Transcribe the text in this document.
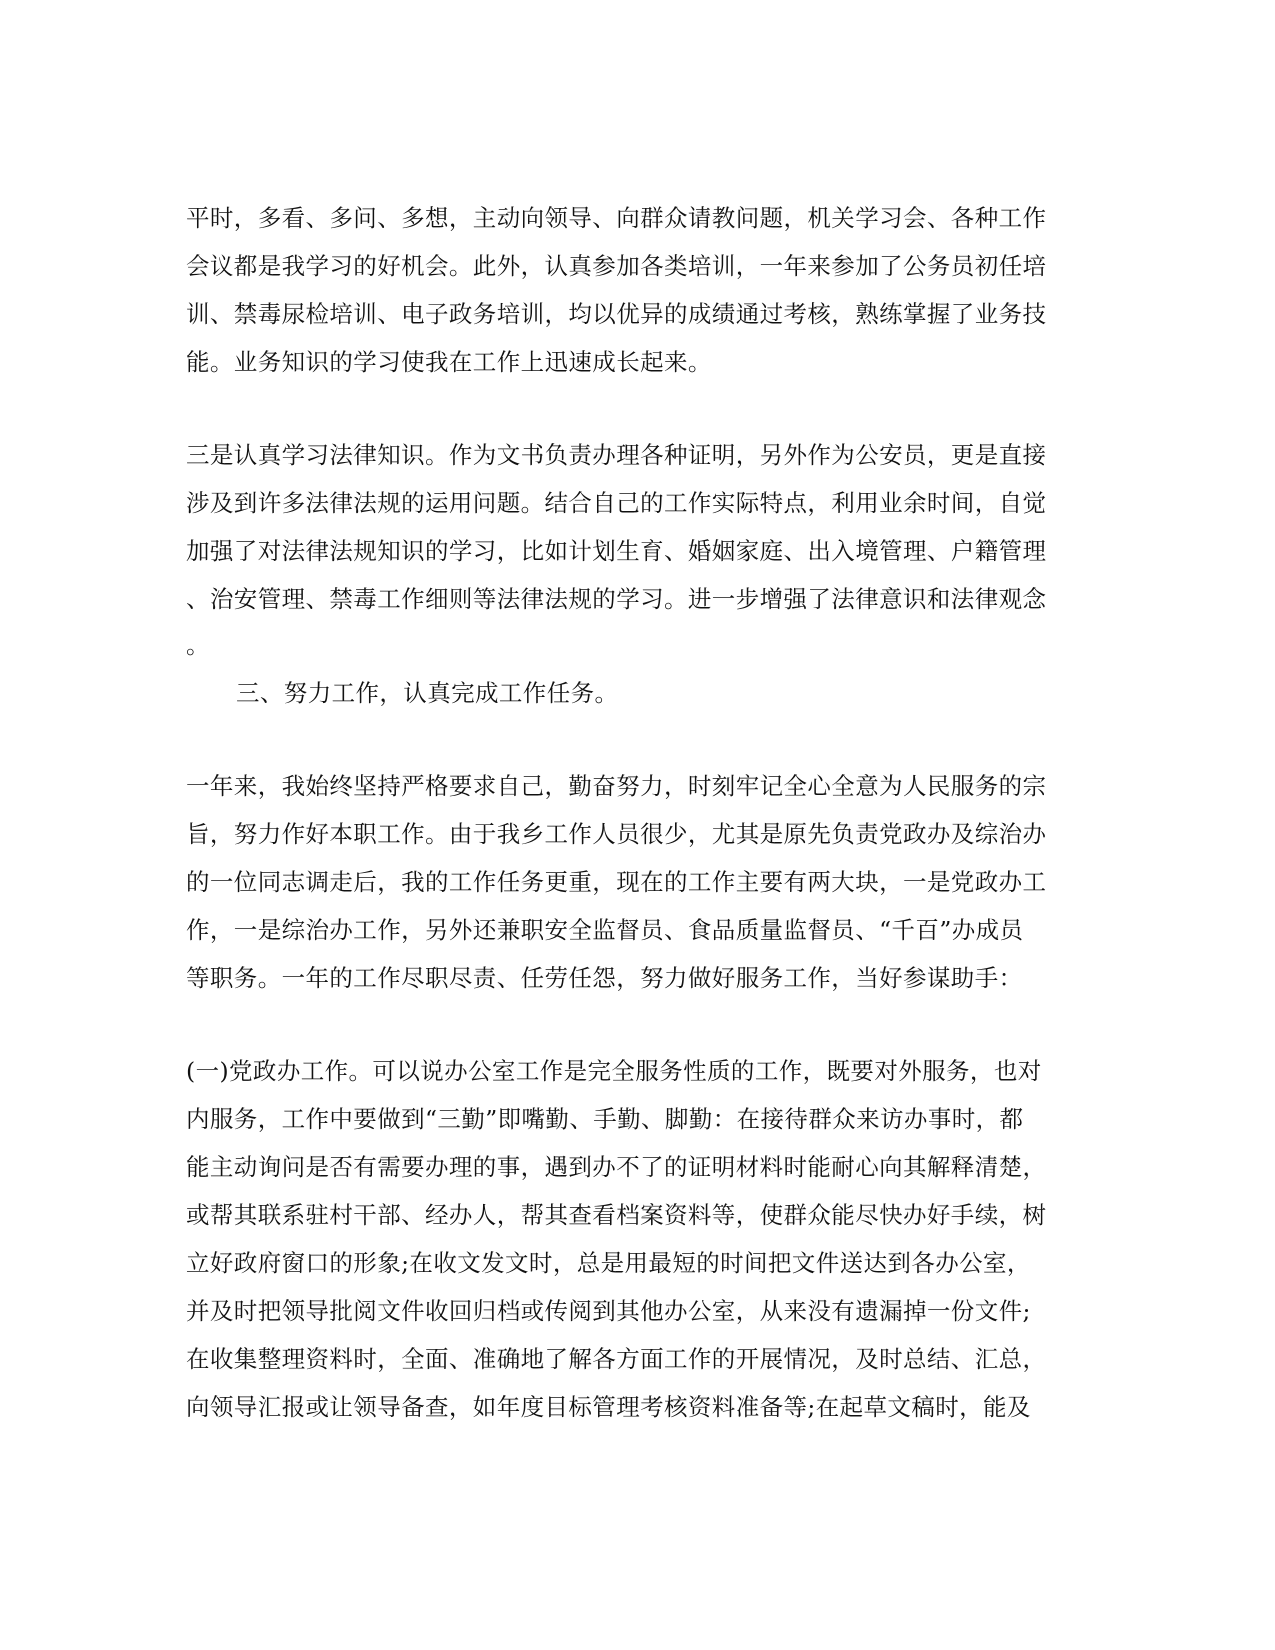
平时，多看、多问、多想，主动向领导、向群众请教问题，机关学习会、各种工作
会议都是我学习的好机会。此外，认真参加各类培训，一年来参加了公务员初任培
训、禁毒尿检培训、电子政务培训，均以优异的成绩通过考核，熟练掌握了业务技
能。业务知识的学习使我在工作上迅速成长起来。
三是认真学习法律知识。作为文书负责办理各种证明，另外作为公安员，更是直接
涉及到许多法律法规的运用问题。结合自己的工作实际特点，利用业余时间，自觉
加强了对法律法规知识的学习，比如计划生育、婚姻家庭、出入境管理、户籍管理
、治安管理、禁毒工作细则等法律法规的学习。进一步增强了法律意识和法律观念
。
三、努力工作，认真完成工作任务。
一年来，我始终坚持严格要求自己，勤奋努力，时刻牢记全心全意为人民服务的宗
旨，努力作好本职工作。由于我乡工作人员很少，尤其是原先负责党政办及综治办
的一位同志调走后，我的工作任务更重，现在的工作主要有两大块，一是党政办工
作，一是综治办工作，另外还兼职安全监督员、食品质量监督员、“千百”办成员
等职务。一年的工作尽职尽责、任劳任怨，努力做好服务工作，当好参谋助手：
(一)党政办工作。可以说办公室工作是完全服务性质的工作，既要对外服务，也对
内服务，工作中要做到“三勤”即嘴勤、手勤、脚勤：在接待群众来访办事时，都
能主动询问是否有需要办理的事，遇到办不了的证明材料时能耐心向其解释清楚，
或帮其联系驻村干部、经办人，帮其查看档案资料等，使群众能尽快办好手续，树
立好政府窗口的形象;在收文发文时，总是用最短的时间把文件送达到各办公室，
并及时把领导批阅文件收回归档或传阅到其他办公室，从来没有遗漏掉一份文件;
在收集整理资料时，全面、准确地了解各方面工作的开展情况，及时总结、汇总，
向领导汇报或让领导备查，如年度目标管理考核资料准备等;在起草文稿时，能及
